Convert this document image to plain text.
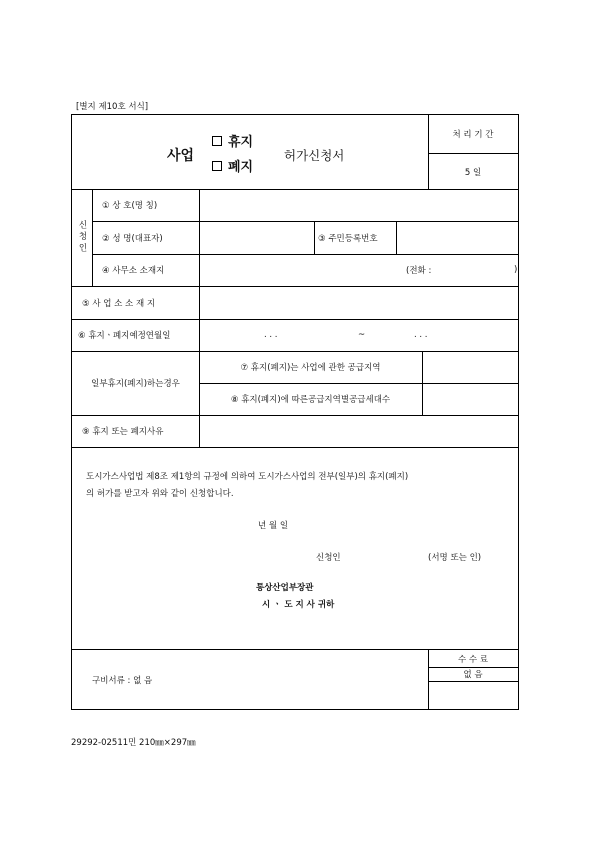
[별지 제10호 서식]
사업
휴지
폐지
허가신청서
처 리 기 간
5 일
신청인
① 상 호(명 칭)
② 성 명(대표자)	③ 주민등록번호
④ 사무소 소재지	(전화 :	)
⑤ 사 업 소 소 재 지
⑥ 휴지ㆍ폐지예정연월일	. . .	~	. . .
일부휴지(폐지)하는경우
⑦ 휴지(폐지)는 사업에 관한 공급지역
⑧ 휴지(폐지)에 따른공급지역별공급세대수
⑨ 휴지 또는 폐지사유
도시가스사업법 제8조 제1항의 규정에 의하여 도시가스사업의 전부(일부)의 휴지(폐지)
의 허가를 받고자 위와 같이 신청합니다.
년 월 일
신청인	(서명 또는 인)
통상산업부장관
시 ㆍ 도 지 사 귀하
구비서류 : 없 음
수 수 료
없 음
29292-02511민 210㎜×297㎜
